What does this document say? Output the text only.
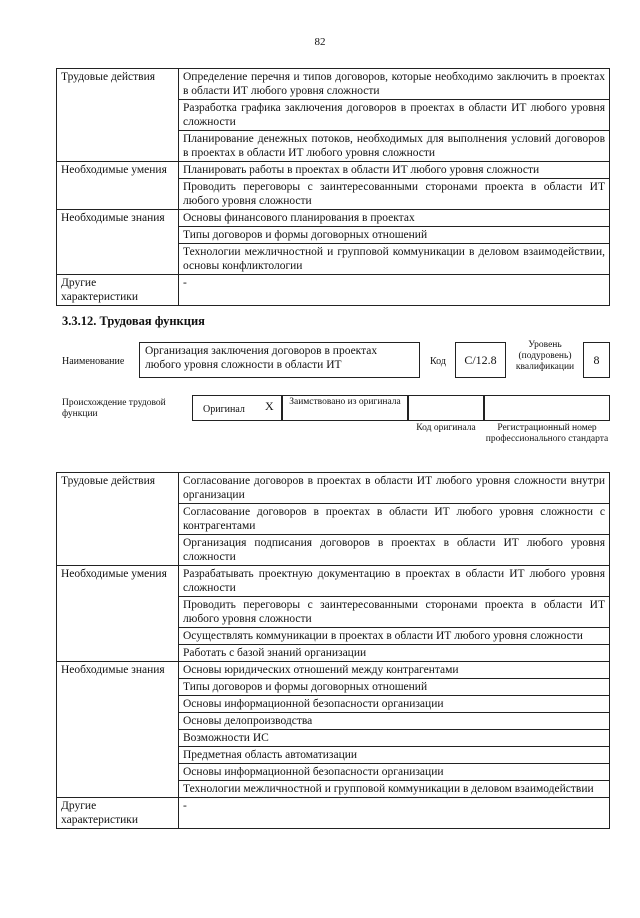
82
Трудовые действия	Определение перечня и типов договоров, которые необходимо заключить в проектах в области ИТ любого уровня сложности
	Разработка графика заключения договоров в проектах в области ИТ любого уровня сложности
	Планирование денежных потоков, необходимых для выполнения условий договоров в проектах в области ИТ любого уровня сложности
Необходимые умения	Планировать работы в проектах в области ИТ любого уровня сложности
	Проводить переговоры с заинтересованными сторонами проекта в области ИТ любого уровня сложности
Необходимые знания	Основы финансового планирования в проектах
	Типы договоров и формы договорных отношений
	Технологии межличностной и групповой коммуникации в деловом взаимодействии, основы конфликтологии
Другие характеристики	-
3.3.12. Трудовая функция
Наименование
Организация заключения договоров в проектах любого уровня сложности в области ИТ	Код	C/12.8
Уровень (подуровень) квалификации
8
Происхождение трудовой функции	Оригинал X	Заимствовано из оригинала
Код оригинала	Регистрационный номер профессионального стандарта
Трудовые действия	Согласование договоров в проектах в области ИТ любого уровня сложности внутри организации
	Согласование договоров в проектах в области ИТ любого уровня сложности с контрагентами
	Организация подписания договоров в проектах в области ИТ любого уровня сложности
Необходимые умения	Разрабатывать проектную документацию в проектах в области ИТ любого уровня сложности
	Проводить переговоры с заинтересованными сторонами проекта в области ИТ любого уровня сложности
	Осуществлять коммуникации в проектах в области ИТ любого уровня сложности
	Работать с базой знаний организации
Необходимые знания	Основы юридических отношений между контрагентами
	Типы договоров и формы договорных отношений
	Основы информационной безопасности организации
	Основы делопроизводства
	Возможности ИС
	Предметная область автоматизации
	Основы информационной безопасности организации
	Технологии межличностной и групповой коммуникации в деловом взаимодействии
Другие характеристики	-
